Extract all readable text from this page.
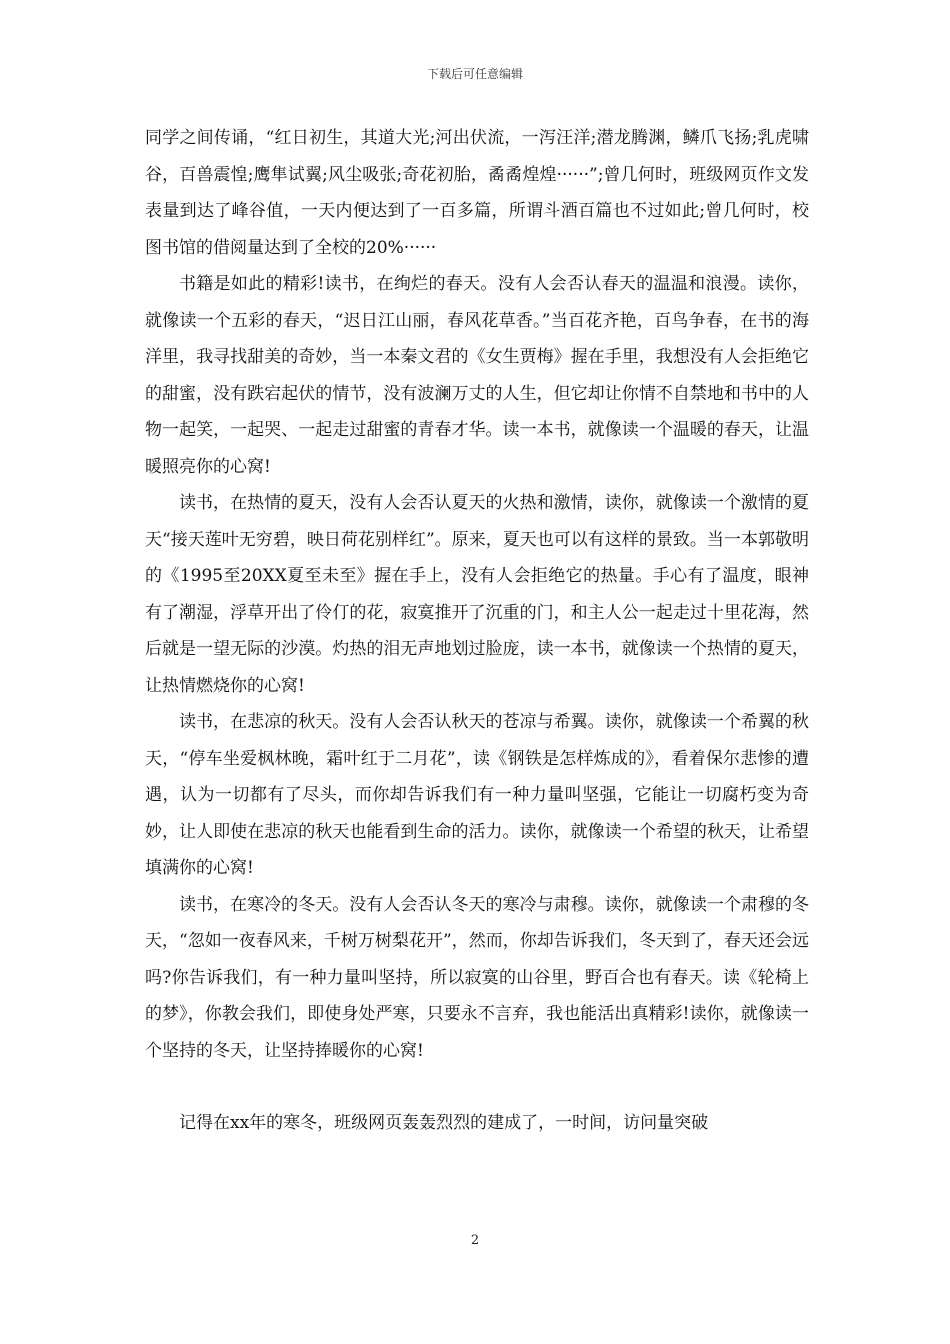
下载后可任意编辑

同学之间传诵，“红日初生，其道大光;河出伏流，一泻汪洋;潜龙腾渊，鳞爪飞扬;乳虎啸谷，百兽震惶;鹰隼试翼;风尘吸张;奇花初胎，矞矞煌煌······”;曾几何时，班级网页作文发表量到达了峰谷值，一天内便达到了一百多篇，所谓斗酒百篇也不过如此;曾几何时，校图书馆的借阅量达到了全校的20%······

书籍是如此的精彩!读书，在绚烂的春天。没有人会否认春天的温温和浪漫。读你，就像读一个五彩的春天，“迟日江山丽，春风花草香。”当百花齐艳，百鸟争春，在书的海洋里，我寻找甜美的奇妙，当一本秦文君的《女生贾梅》握在手里，我想没有人会拒绝它的甜蜜，没有跌宕起伏的情节，没有波澜万丈的人生，但它却让你情不自禁地和书中的人物一起笑，一起哭、一起走过甜蜜的青春才华。读一本书，就像读一个温暖的春天，让温暖照亮你的心窝!

读书，在热情的夏天，没有人会否认夏天的火热和激情，读你，就像读一个激情的夏天“接天莲叶无穷碧，映日荷花别样红”。原来，夏天也可以有这样的景致。当一本郭敬明的《1995至20XX夏至未至》握在手上，没有人会拒绝它的热量。手心有了温度，眼神有了潮湿，浮草开出了伶仃的花，寂寞推开了沉重的门，和主人公一起走过十里花海，然后就是一望无际的沙漠。灼热的泪无声地划过脸庞，读一本书，就像读一个热情的夏天，让热情燃烧你的心窝!

读书，在悲凉的秋天。没有人会否认秋天的苍凉与希翼。读你，就像读一个希翼的秋天，“停车坐爱枫林晚，霜叶红于二月花”，读《钢铁是怎样炼成的》，看着保尔悲惨的遭遇，认为一切都有了尽头，而你却告诉我们有一种力量叫坚强，它能让一切腐朽变为奇妙，让人即使在悲凉的秋天也能看到生命的活力。读你，就像读一个希望的秋天，让希望填满你的心窝!

读书，在寒冷的冬天。没有人会否认冬天的寒冷与肃穆。读你，就像读一个肃穆的冬天，“忽如一夜春风来，千树万树梨花开”，然而，你却告诉我们，冬天到了，春天还会远吗?你告诉我们，有一种力量叫坚持，所以寂寞的山谷里，野百合也有春天。读《轮椅上的梦》，你教会我们，即使身处严寒，只要永不言弃，我也能活出真精彩!读你，就像读一个坚持的冬天，让坚持捧暖你的心窝!

记得在xx年的寒冬，班级网页轰轰烈烈的建成了，一时间，访问量突破

2
